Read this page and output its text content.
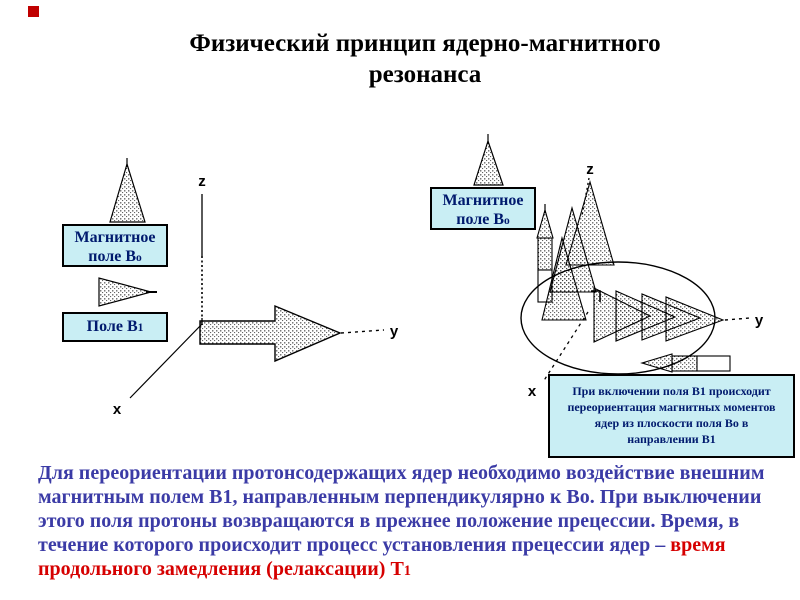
Физический принцип ядерно-магнитного
резонанса
z
x
y
Магнитное
поле Во
Поле В1
z
y
x
Магнитное
поле Во
При включении поля В1 происходит
переориентация магнитных моментов
ядер из плоскости поля Во в
направлении В1
Для переориентации протонсодержащих ядер необходимо воздействие внешним магнитным полем В1, направленным перпендикулярно к Во. При выключении этого поля протоны возвращаются в прежнее положение прецессии. Время, в течение которого происходит процесс установления прецессии ядер – время продольного замедления (релаксации) Т1
